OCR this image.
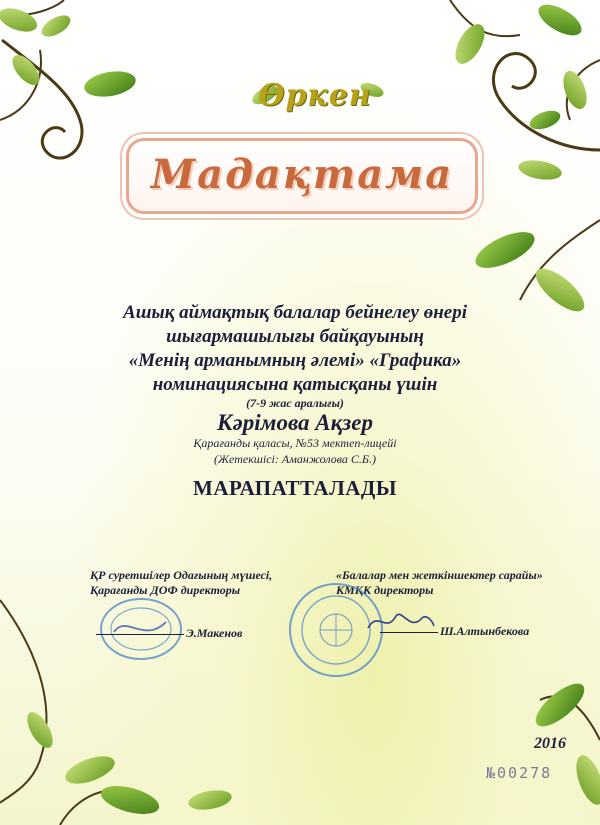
Өркен
Мадақтама
Ашық аймақтық балалар бейнелеу өнері
шығармашылығы байқауының
«Менің арманымның әлемі» «Графика»
номинациясына қатысқаны үшін
(7-9 жас аралығы)
Кәрімова Ақзер
Қарағанды қаласы, №53 мектеп-лицейі
(Жетекшісі: Аманжолова С.Б.)
МАРАПАТТАЛАДЫ
ҚР суретшілер Одағының мүшесі,
Қарағанды ДОФ директоры
Э.Макенов
«Балалар мен жеткіншектер сарайы»
КМҚК директоры
Ш.Алтынбекова
2016
№00278
